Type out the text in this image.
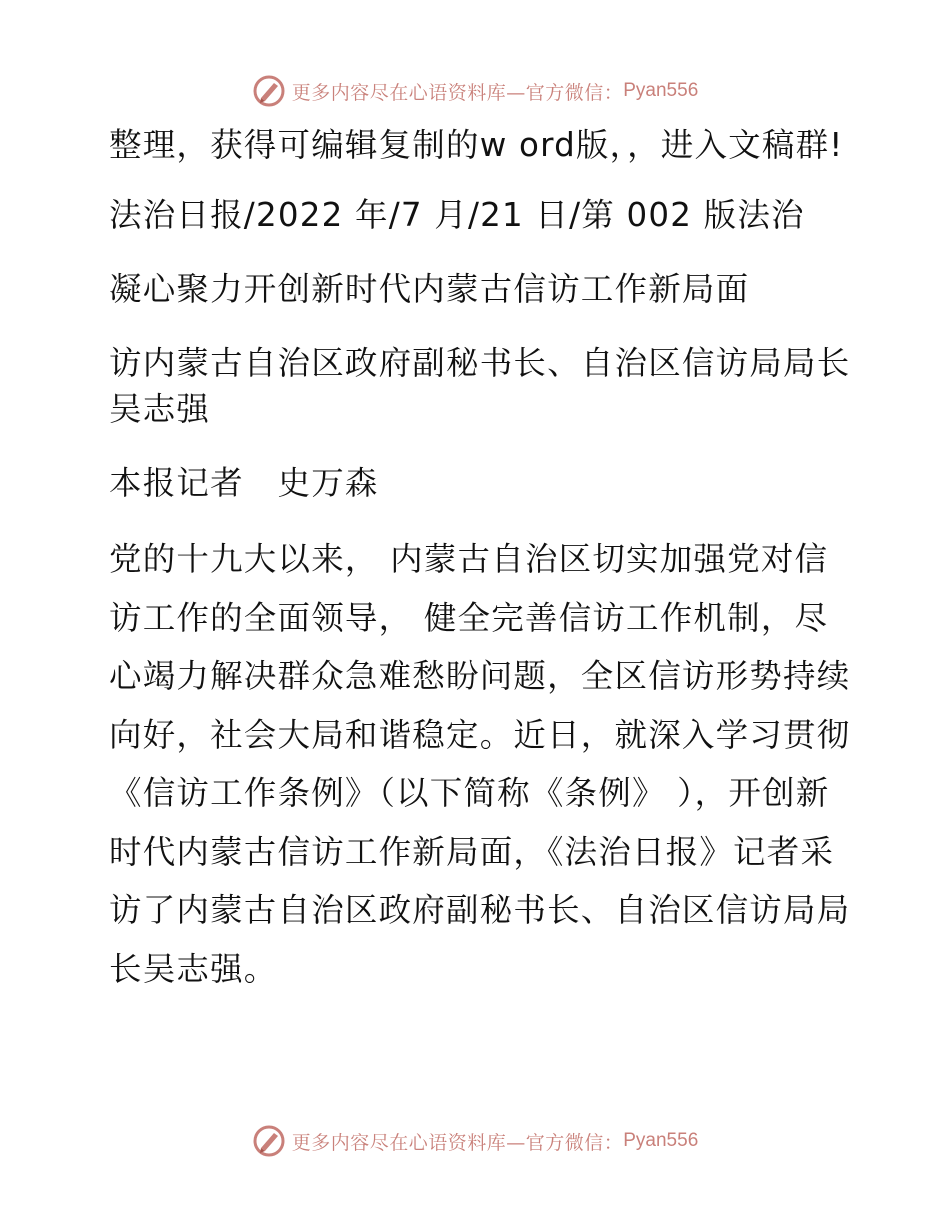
更多内容尽在心语资料库—官方微信： Pyan556

整理，获得可编辑复制的w ord版，，进入文稿群!

法治日报/2022 年/7 月/21 日/第 002 版法治

凝心聚力开创新时代内蒙古信访工作新局面

访内蒙古自治区政府副秘书长、自治区信访局局长吴志强

本报记者　史万森

党的十九大以来， 内蒙古自治区切实加强党对信访工作的全面领导， 健全完善信访工作机制，尽心竭力解决群众急难愁盼问题，全区信访形势持续向好，社会大局和谐稳定。近日，就深入学习贯彻《信访工作条例》（以下简称《条例》 ），开创新时代内蒙古信访工作新局面，《法治日报》记者采访了内蒙古自治区政府副秘书长、自治区信访局局长吴志强。

更多内容尽在心语资料库—官方微信： Pyan556
